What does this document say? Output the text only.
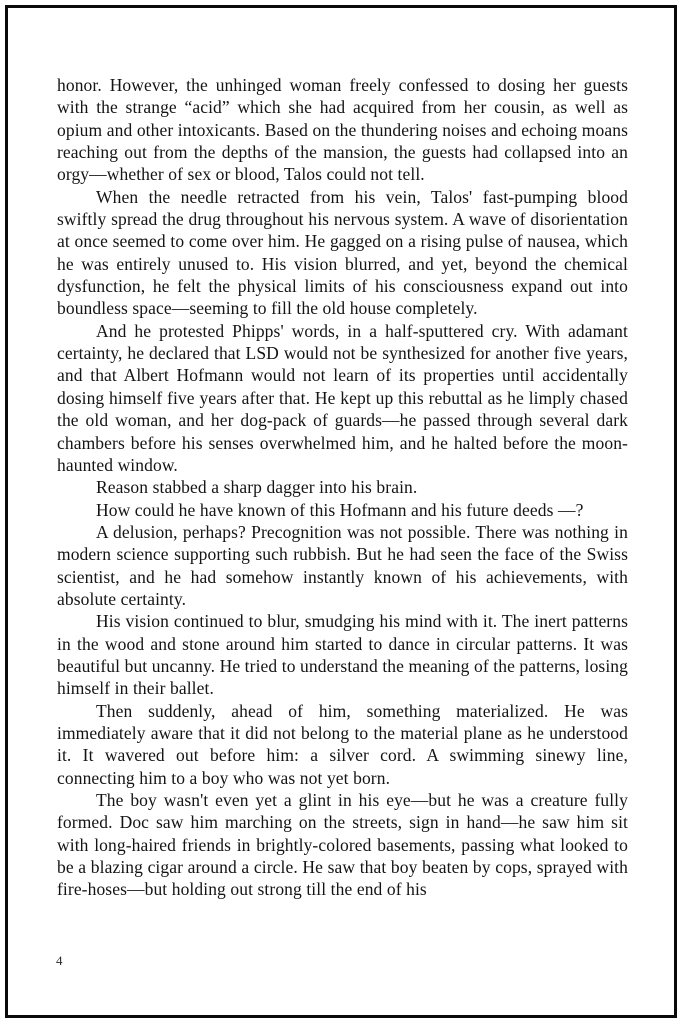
honor. However, the unhinged woman freely confessed to dosing her guests with the strange “acid” which she had acquired from her cousin, as well as opium and other intoxicants. Based on the thundering noises and echoing moans reaching out from the depths of the mansion, the guests had collapsed into an orgy—whether of sex or blood, Talos could not tell.

When the needle retracted from his vein, Talos' fast-pumping blood swiftly spread the drug throughout his nervous system. A wave of disorientation at once seemed to come over him. He gagged on a rising pulse of nausea, which he was entirely unused to. His vision blurred, and yet, beyond the chemical dysfunction, he felt the physical limits of his consciousness expand out into boundless space—seeming to fill the old house completely.

And he protested Phipps' words, in a half-sputtered cry. With adamant certainty, he declared that LSD would not be synthesized for another five years, and that Albert Hofmann would not learn of its properties until accidentally dosing himself five years after that. He kept up this rebuttal as he limply chased the old woman, and her dog-pack of guards—he passed through several dark chambers before his senses overwhelmed him, and he halted before the moon-haunted window.

Reason stabbed a sharp dagger into his brain.

How could he have known of this Hofmann and his future deeds —?

A delusion, perhaps? Precognition was not possible. There was nothing in modern science supporting such rubbish. But he had seen the face of the Swiss scientist, and he had somehow instantly known of his achievements, with absolute certainty.

His vision continued to blur, smudging his mind with it. The inert patterns in the wood and stone around him started to dance in circular patterns. It was beautiful but uncanny. He tried to understand the meaning of the patterns, losing himself in their ballet.

Then suddenly, ahead of him, something materialized. He was immediately aware that it did not belong to the material plane as he understood it. It wavered out before him: a silver cord. A swimming sinewy line, connecting him to a boy who was not yet born.

The boy wasn't even yet a glint in his eye—but he was a creature fully formed. Doc saw him marching on the streets, sign in hand—he saw him sit with long-haired friends in brightly-colored basements, passing what looked to be a blazing cigar around a circle. He saw that boy beaten by cops, sprayed with fire-hoses—but holding out strong till the end of his

4
